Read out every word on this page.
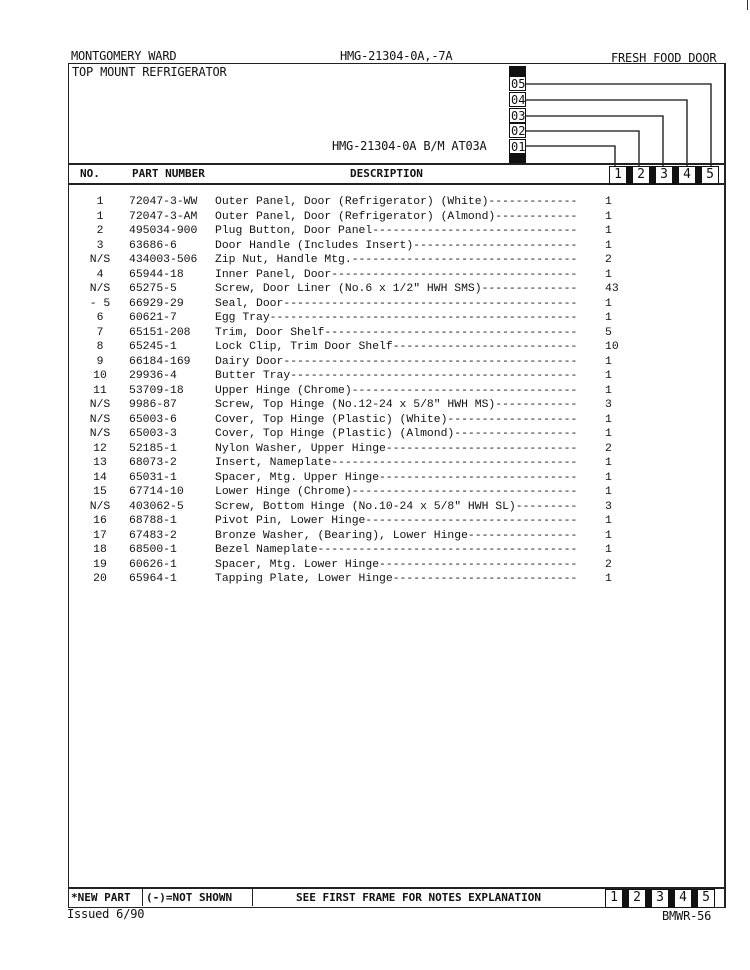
MONTGOMERY WARD	HMG-21304-0A,-7A	FRESH FOOD DOOR
TOP MOUNT REFRIGERATOR
05
04
03
02
01
HMG-21304-0A B/M AT03A
NO.	PART NUMBER	DESCRIPTION	1	2	3	4	5
1	72047-3-WW Outer Panel, Door (Refrigerator) (White)------------- 1
1	72047-3-AM Outer Panel, Door (Refrigerator) (Almond)------------ 1
2	495034-900 Plug Button, Door Panel------------------------------ 1
3	63686-6	Door Handle (Includes Insert)------------------------ 1
N/S	434003-506 Zip Nut, Handle Mtg.--------------------------------- 2
4	65944-18	Inner Panel, Door------------------------------------ 1
N/S	65275-5	Screw, Door Liner (No.6 x 1/2" HWH SMS)-------------- 43
- 5	66929-29	Seal, Door------------------------------------------- 1
6	60621-7	Egg Tray--------------------------------------------- 1
7	65151-208 Trim, Door Shelf------------------------------------- 5
8	65245-1	Lock Clip, Trim Door Shelf--------------------------- 10
9	66184-169 Dairy Door------------------------------------------- 1
10	29936-4	Butter Tray------------------------------------------ 1
11	53709-18	Upper Hinge (Chrome)--------------------------------- 1
N/S	9986-87	Screw, Top Hinge (No.12-24 x 5/8" HWH MS)------------ 3
N/S	65003-6	Cover, Top Hinge (Plastic) (White)------------------- 1
N/S	65003-3	Cover, Top Hinge (Plastic) (Almond)------------------ 1
12	52185-1	Nylon Washer, Upper Hinge---------------------------- 2
13	68073-2	Insert, Nameplate------------------------------------ 1
14	65031-1	Spacer, Mtg. Upper Hinge----------------------------- 1
15	67714-10	Lower Hinge (Chrome)--------------------------------- 1
N/S	403062-5	Screw, Bottom Hinge (No.10-24 x 5/8" HWH SL)--------- 3
16	68788-1	Pivot Pin, Lower Hinge------------------------------- 1
17	67483-2	Bronze Washer, (Bearing), Lower Hinge---------------- 1
18	68500-1	Bezel Nameplate-------------------------------------- 1
19	60626-1	Spacer, Mtg. Lower Hinge----------------------------- 2
20	65964-1	Tapping Plate, Lower Hinge--------------------------- 1
*NEW PART (-)=NOT SHOWN	SEE FIRST FRAME FOR NOTES EXPLANATION	1	2	3	4	5
Issued 6/90	BMWR-56
